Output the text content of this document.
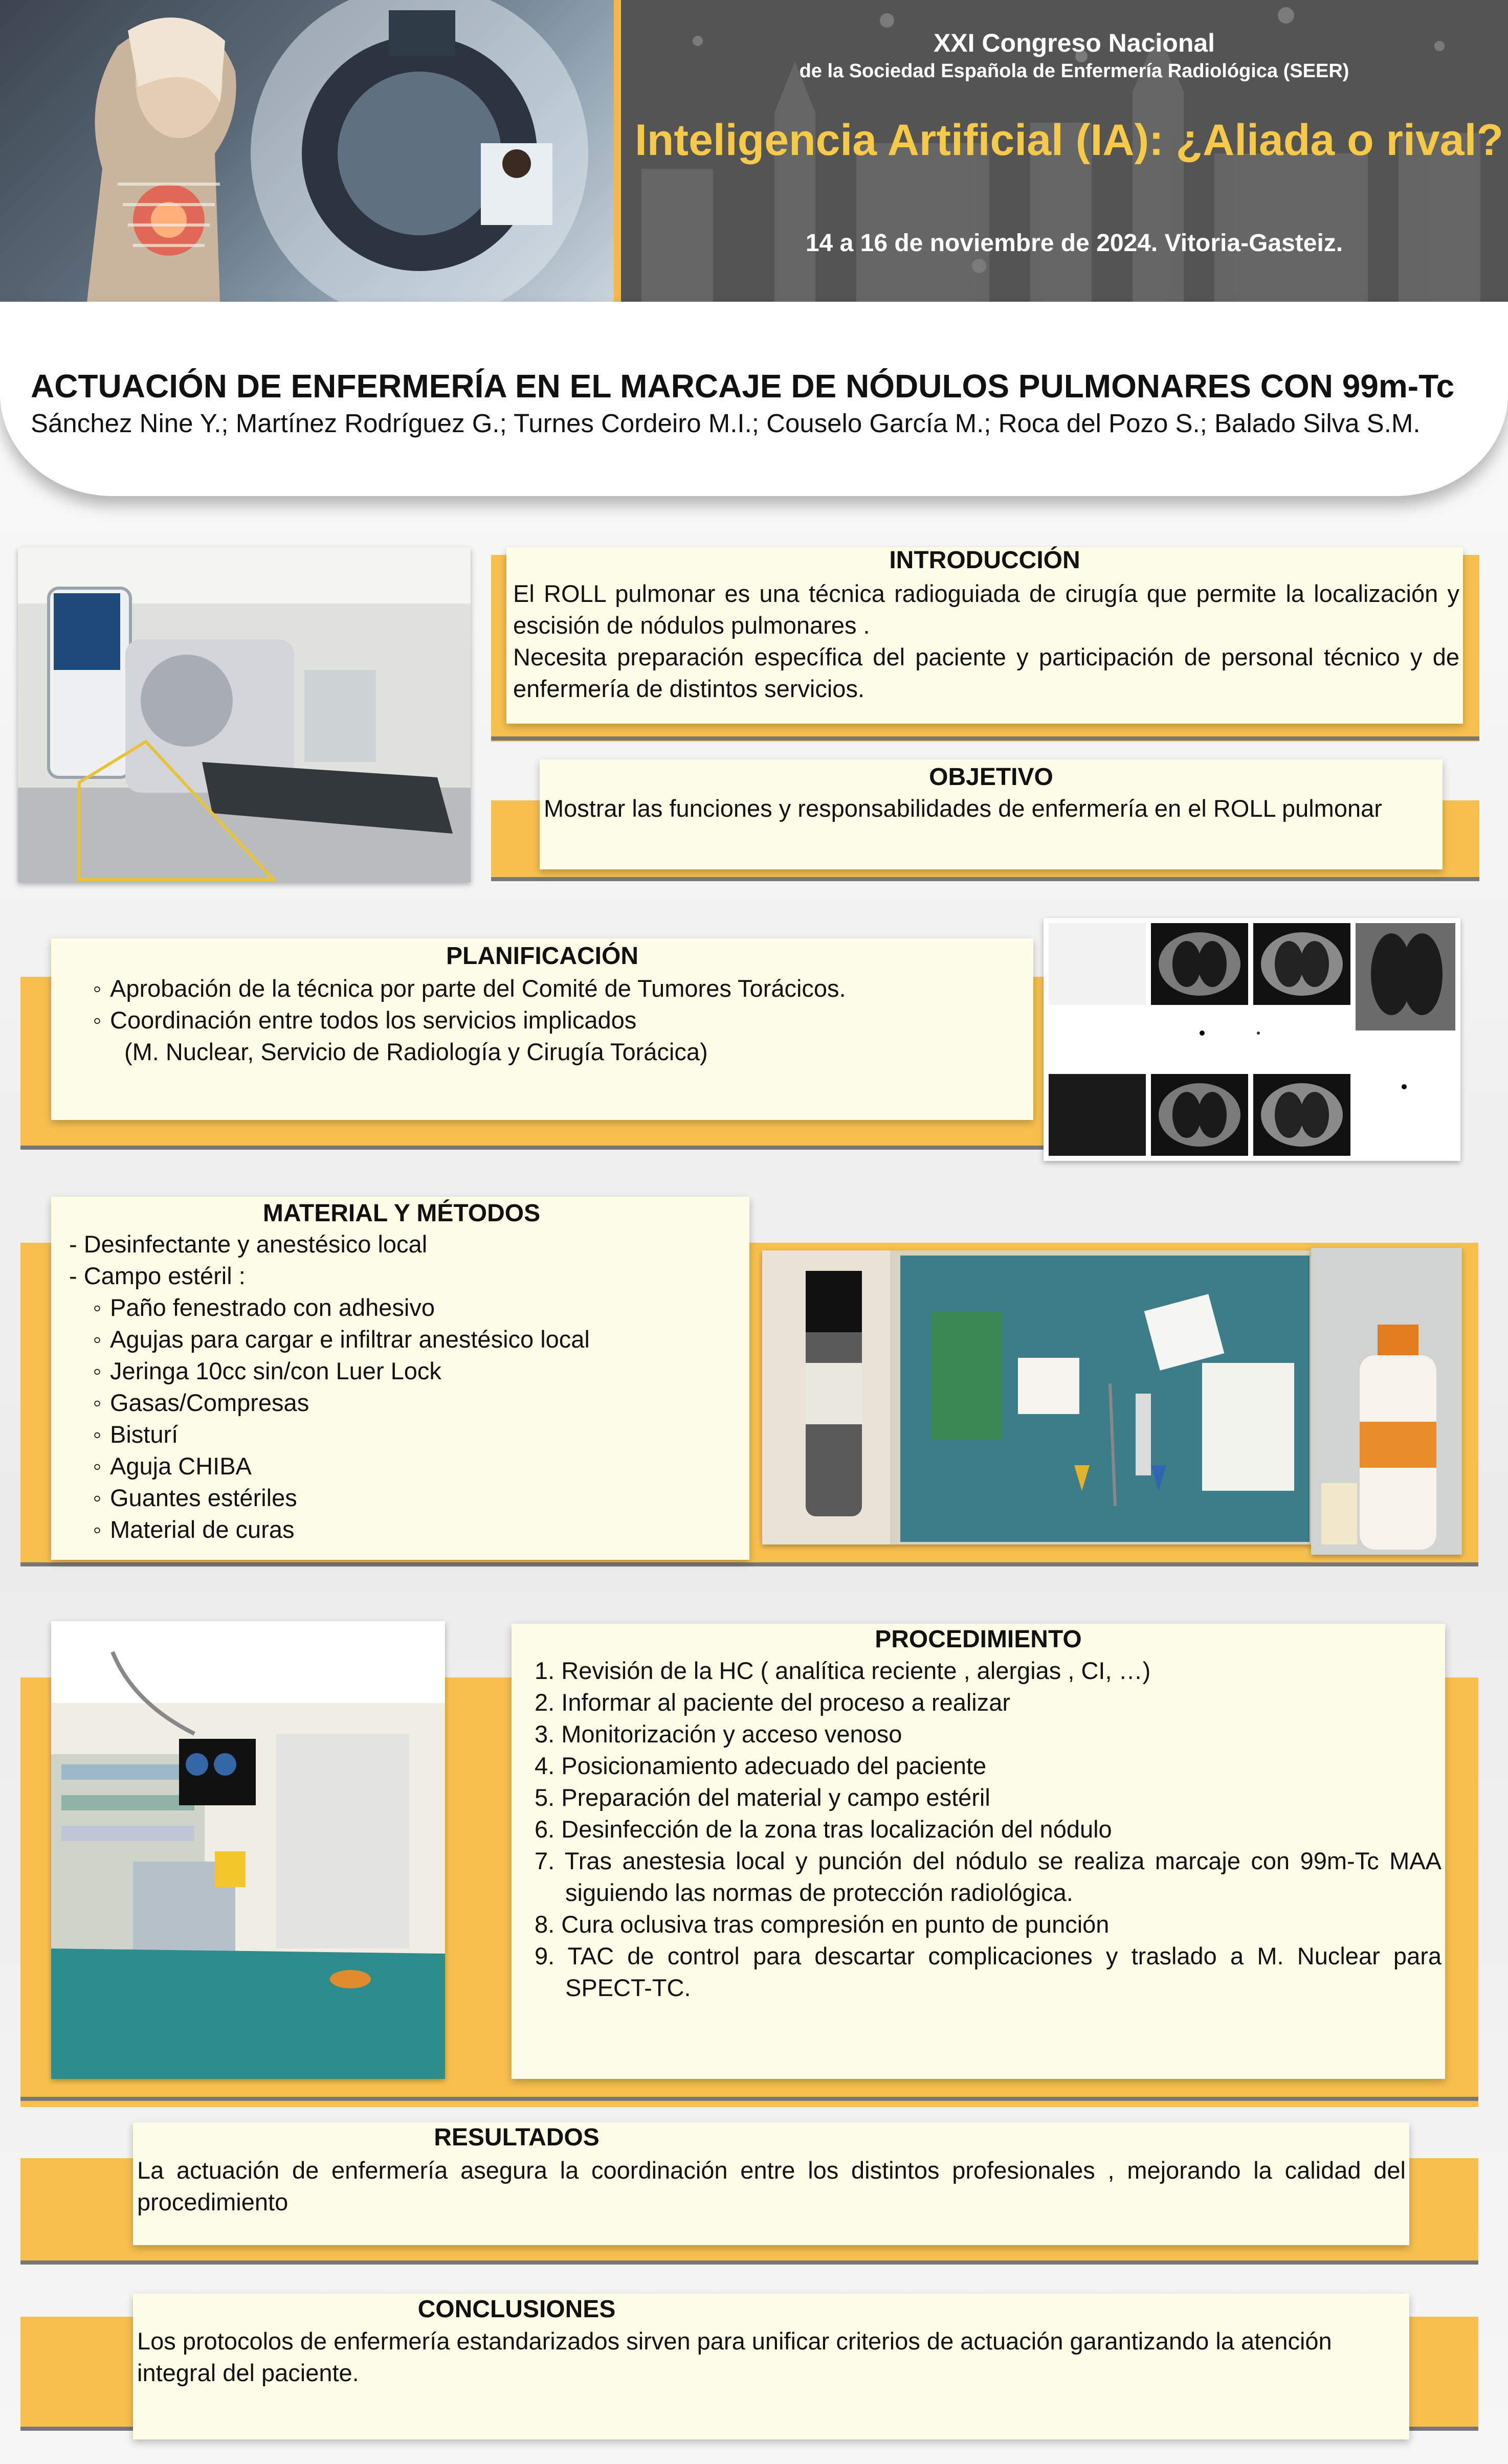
XXI Congreso Nacional
de la Sociedad Española de Enfermería Radiológica (SEER)
Inteligencia Artificial (IA): ¿Aliada o rival?
14 a 16 de noviembre de 2024. Vitoria-Gasteiz.
ACTUACIÓN DE ENFERMERÍA EN EL MARCAJE DE NÓDULOS PULMONARES CON 99m-Tc
Sánchez Nine Y.; Martínez Rodríguez G.; Turnes Cordeiro M.I.; Couselo García M.; Roca del Pozo S.; Balado Silva S.M.
INTRODUCCIÓN
El ROLL pulmonar es una técnica radioguiada de cirugía que permite la localización y escisión de nódulos pulmonares .
Necesita preparación específica del paciente y participación de personal técnico y de enfermería de distintos servicios.
OBJETIVO
Mostrar las funciones y responsabilidades de enfermería en el ROLL pulmonar
PLANIFICACIÓN
◦ Aprobación de la técnica por parte del Comité de Tumores Torácicos.
◦ Coordinación entre todos los servicios implicados
(M. Nuclear, Servicio de Radiología y Cirugía Torácica)
MATERIAL Y MÉTODOS
- Desinfectante y anestésico local
- Campo estéril :
◦ Paño fenestrado con adhesivo
◦ Agujas para cargar e infiltrar anestésico local
◦ Jeringa 10cc sin/con Luer Lock
◦ Gasas/Compresas
◦ Bisturí
◦ Aguja CHIBA
◦ Guantes estériles
◦ Material de curas
PROCEDIMIENTO
1. Revisión de la HC ( analítica reciente , alergias , CI, …)
2. Informar al paciente del proceso a realizar
3. Monitorización y acceso venoso
4. Posicionamiento adecuado del paciente
5. Preparación del material y campo estéril
6. Desinfección de la zona tras localización del nódulo
7. Tras anestesia local y punción del nódulo se realiza marcaje con 99m-Tc MAA siguiendo las normas de protección radiológica.
8. Cura oclusiva tras compresión en punto de punción
9. TAC de control para descartar complicaciones y traslado a M. Nuclear para SPECT-TC.
RESULTADOS
La actuación de enfermería asegura la coordinación entre los distintos profesionales , mejorando la calidad del procedimiento
CONCLUSIONES
Los protocolos de enfermería estandarizados sirven para unificar criterios de actuación garantizando la atención integral del paciente.
